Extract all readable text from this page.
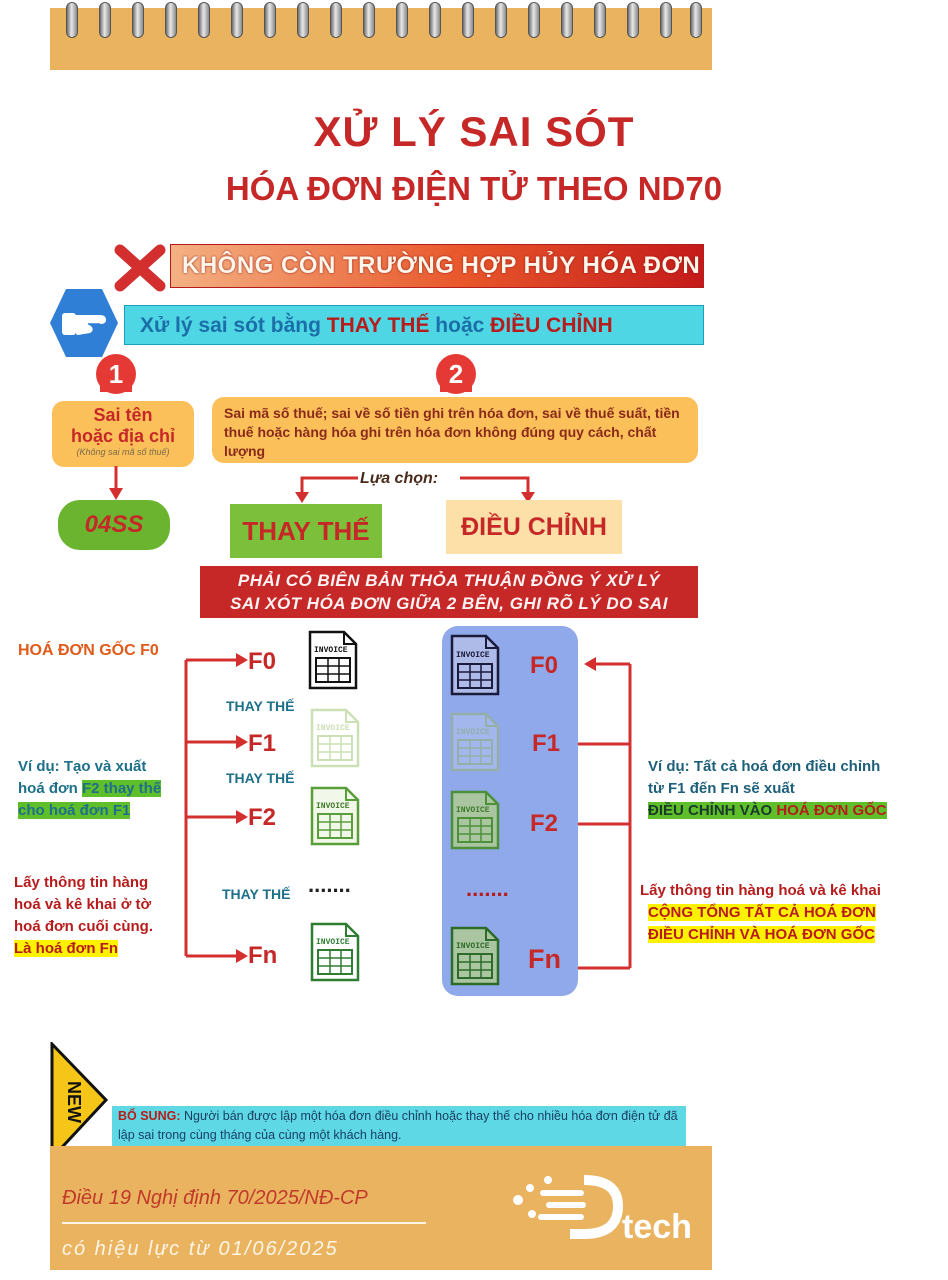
XỬ LÝ SAI SÓT
HÓA ĐƠN ĐIỆN TỬ THEO ND70
KHÔNG CÒN TRƯỜNG HỢP HỦY HÓA ĐƠN
Xử lý sai sót bằng THAY THẾ hoặc ĐIỀU CHỈNH
1
Sai tên
hoặc địa chỉ
(Không sai mã số thuế)
04SS
2
Sai mã số thuế; sai về số tiền ghi trên hóa đơn, sai về thuế suất, tiền thuế hoặc hàng hóa ghi trên hóa đơn không đúng quy cách, chất lượng
Lựa chọn:
THAY THẾ	ĐIỀU CHỈNH
PHẢI CÓ BIÊN BẢN THỎA THUẬN ĐỒNG Ý XỬ LÝ
SAI XÓT HÓA ĐƠN GIỮA 2 BÊN, GHI RÕ LÝ DO SAI
HOÁ ĐƠN GỐC F0	F0
F1
F2
Fn
THAY THẾ
THAY THẾ
THAY THẾ .......
INVOICE
INVOICE
INVOICE
INVOICE
Ví dụ: Tạo và xuất
hoá đơn F2 thay thế
cho hoá đơn F1
Lấy thông tin hàng
hoá và kê khai ở tờ
hoá đơn cuối cùng.
Là hoá đơn Fn
INVOICE
INVOICE
INVOICE
INVOICE
F0
F1
F2
Fn
.......
Ví dụ: Tất cả hoá đơn điều chỉnh
từ F1 đến Fn sẽ xuất
ĐIỀU CHỈNH VÀO HOÁ ĐƠN GỐC
Lấy thông tin hàng hoá và kê khai
CỘNG TỔNG TẤT CẢ HOÁ ĐƠN
ĐIỀU CHỈNH VÀ HOÁ ĐƠN GỐC
NEW	BỔ SUNG: Người bán được lập một hóa đơn điều chỉnh hoặc thay thế cho nhiều hóa đơn điện tử đã lập sai trong cùng tháng của cùng một khách hàng.
Điều 19 Nghị định 70/2025/NĐ-CP
có hiệu lực từ 01/06/2025
tech
